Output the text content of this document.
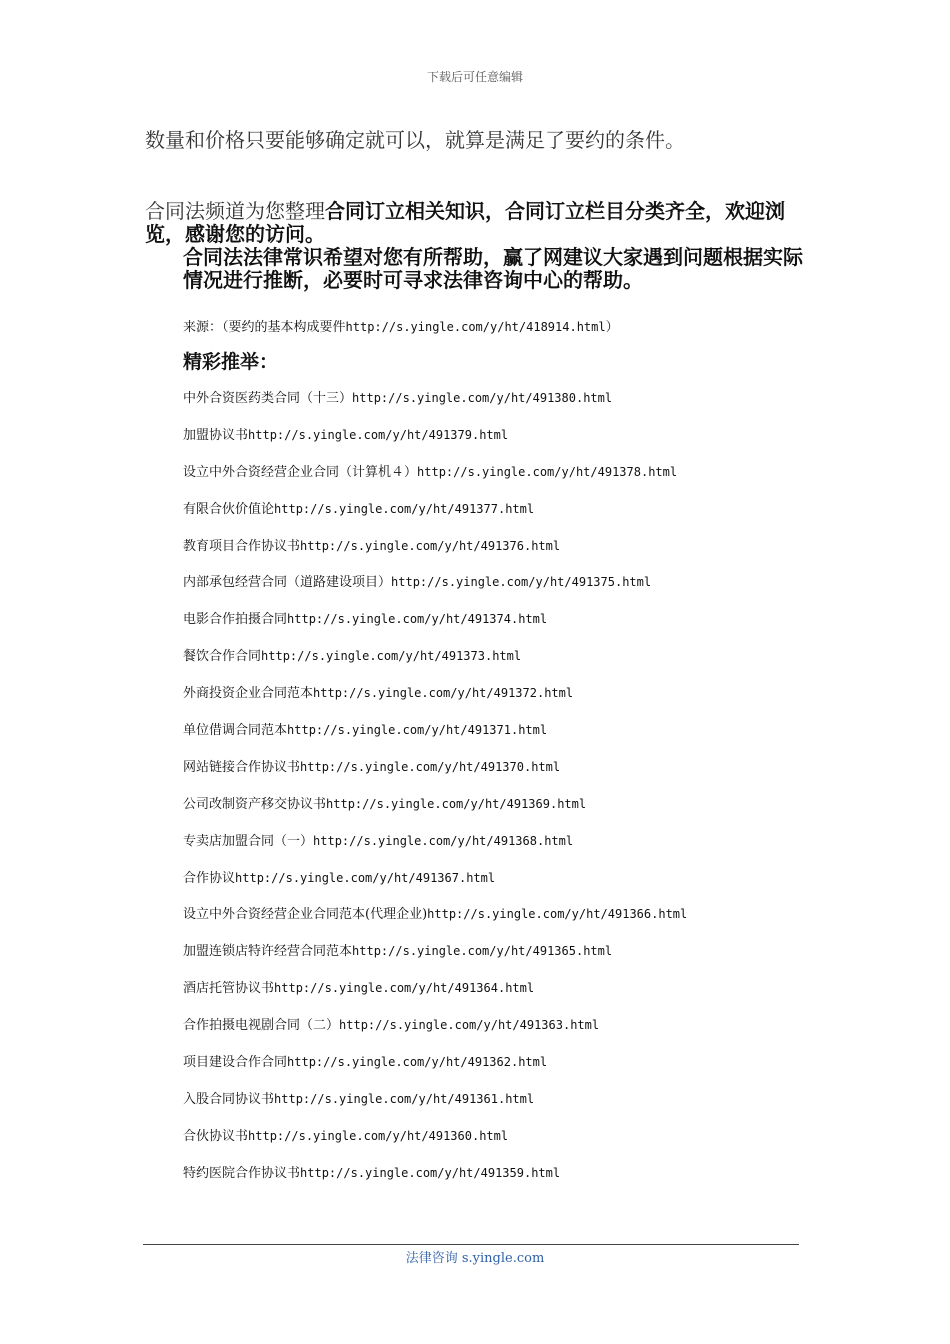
下载后可任意编辑
数量和价格只要能够确定就可以，就算是满足了要约的条件。
合同法频道为您整理合同订立相关知识，合同订立栏目分类齐全，欢迎浏览，感谢您的访问。
合同法法律常识希望对您有所帮助，赢了网建议大家遇到问题根据实际情况进行推断，必要时可寻求法律咨询中心的帮助。
来源：（要约的基本构成要件http://s.yingle.com/y/ht/418914.html）
精彩推举：
中外合资医药类合同（十三）http://s.yingle.com/y/ht/491380.html
加盟协议书http://s.yingle.com/y/ht/491379.html
设立中外合资经营企业合同（计算机４）http://s.yingle.com/y/ht/491378.html
有限合伙价值论http://s.yingle.com/y/ht/491377.html
教育项目合作协议书http://s.yingle.com/y/ht/491376.html
内部承包经营合同（道路建设项目）http://s.yingle.com/y/ht/491375.html
电影合作拍摄合同http://s.yingle.com/y/ht/491374.html
餐饮合作合同http://s.yingle.com/y/ht/491373.html
外商投资企业合同范本http://s.yingle.com/y/ht/491372.html
单位借调合同范本http://s.yingle.com/y/ht/491371.html
网站链接合作协议书http://s.yingle.com/y/ht/491370.html
公司改制资产移交协议书http://s.yingle.com/y/ht/491369.html
专卖店加盟合同（一）http://s.yingle.com/y/ht/491368.html
合作协议http://s.yingle.com/y/ht/491367.html
设立中外合资经营企业合同范本(代理企业)http://s.yingle.com/y/ht/491366.html
加盟连锁店特许经营合同范本http://s.yingle.com/y/ht/491365.html
酒店托管协议书http://s.yingle.com/y/ht/491364.html
合作拍摄电视剧合同（二）http://s.yingle.com/y/ht/491363.html
项目建设合作合同http://s.yingle.com/y/ht/491362.html
入股合同协议书http://s.yingle.com/y/ht/491361.html
合伙协议书http://s.yingle.com/y/ht/491360.html
特约医院合作协议书http://s.yingle.com/y/ht/491359.html
法律咨询 s.yingle.com
